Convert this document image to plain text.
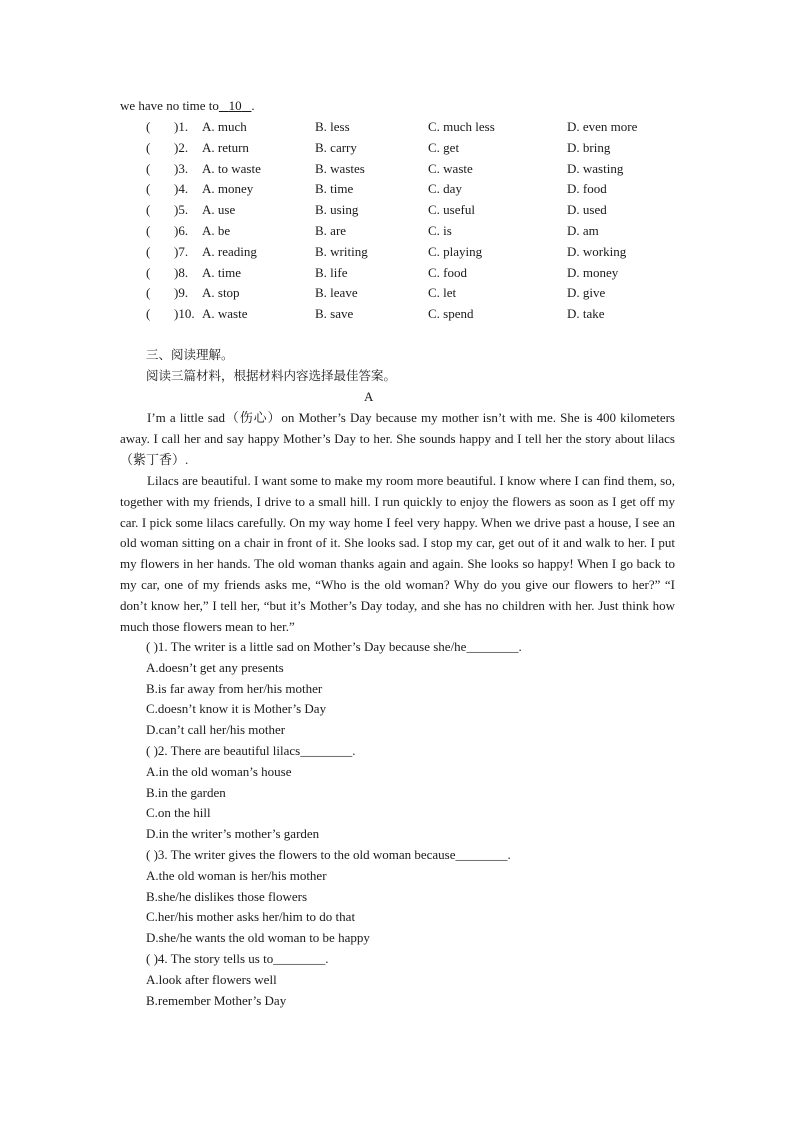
we have no time to 10 .
( )1. A. much	B. less	C. much less	D. even more
( )2. A. return	B. carry	C. get	D. bring
( )3. A. to waste	B. wastes	C. waste	D. wasting
( )4. A. money	B. time	C. day	D. food
( )5. A. use	B. using	C. useful	D. used
( )6. A. be	B. are	C. is	D. am
( )7. A. reading	B. writing	C. playing	D. working
( )8. A. time	B. life	C. food	D. money
( )9. A. stop	B. leave	C. let	D. give
( )10. A. waste	B. save	C. spend	D. take
三、阅读理解。
阅读三篇材料，根据材料内容选择最佳答案。
A
I’m a little sad（伤心）on Mother’s Day because my mother isn’t with me. She is 400 kilometers away. I call her and say happy Mother’s Day to her. She sounds happy and I tell her the story about lilacs（紫丁香）.
Lilacs are beautiful. I want some to make my room more beautiful. I know where I can find them, so, together with my friends, I drive to a small hill. I run quickly to enjoy the flowers as soon as I get off my car. I pick some lilacs carefully. On my way home I feel very happy. When we drive past a house, I see an old woman sitting on a chair in front of it. She looks sad. I stop my car, get out of it and walk to her. I put my flowers in her hands. The old woman thanks again and again. She looks so happy! When I go back to my car, one of my friends asks me, “Who is the old woman? Why do you give our flowers to her?” “I don’t know her,” I tell her, “but it’s Mother’s Day today, and she has no children with her. Just think how much those flowers mean to her.”
( )1. The writer is a little sad on Mother’s Day because she/he________.
A.doesn’t get any presents
B.is far away from her/his mother
C.doesn’t know it is Mother’s Day
D.can’t call her/his mother
( )2. There are beautiful lilacs________.
A.in the old woman’s house
B.in the garden
C.on the hill
D.in the writer’s mother’s garden
( )3. The writer gives the flowers to the old woman because________.
A.the old woman is her/his mother
B.she/he dislikes those flowers
C.her/his mother asks her/him to do that
D.she/he wants the old woman to be happy
( )4. The story tells us to________.
A.look after flowers well
B.remember Mother’s Day
